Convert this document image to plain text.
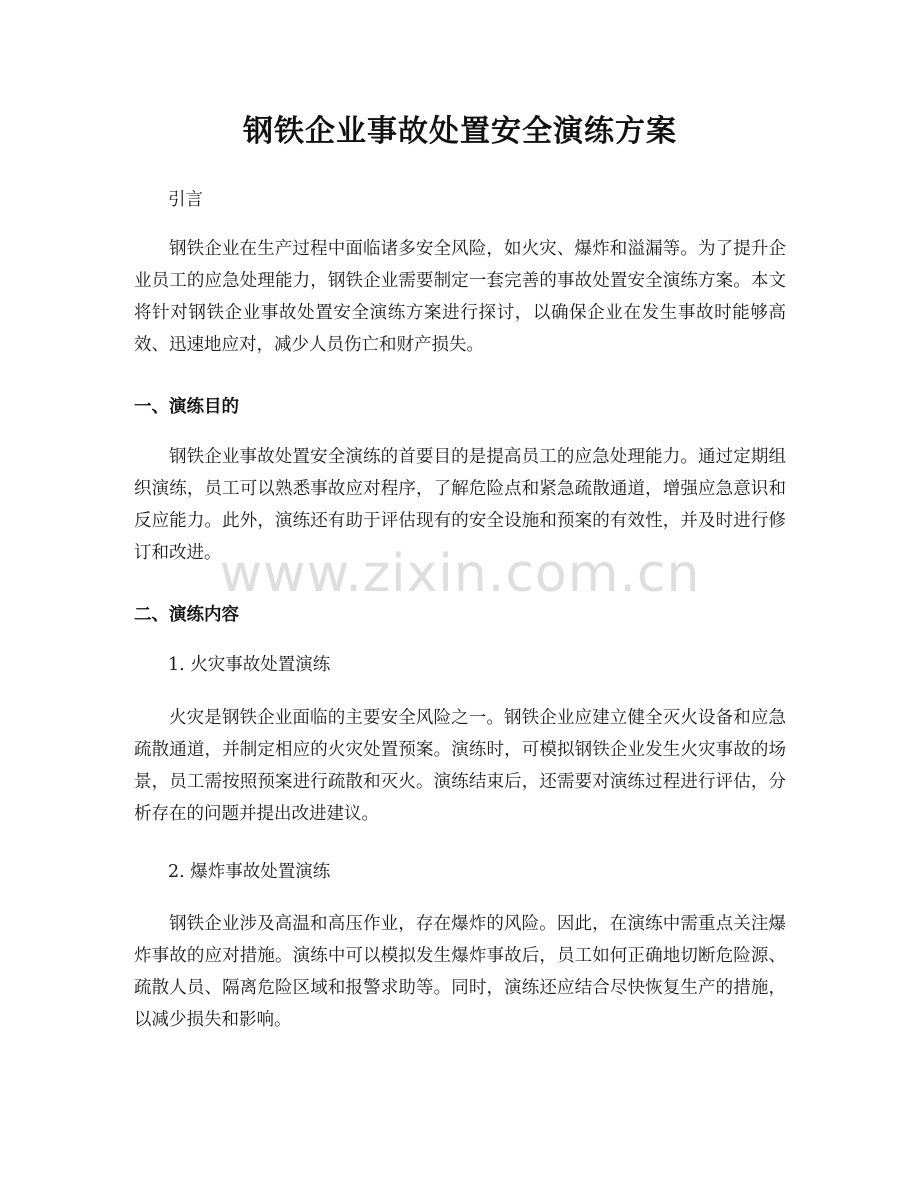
钢铁企业事故处置安全演练方案
引言

钢铁企业在生产过程中面临诸多安全风险，如火灾、爆炸和溢漏等。为了提升企业员工的应急处理能力，钢铁企业需要制定一套完善的事故处置安全演练方案。本文将针对钢铁企业事故处置安全演练方案进行探讨，以确保企业在发生事故时能够高效、迅速地应对，减少人员伤亡和财产损失。

一、演练目的

钢铁企业事故处置安全演练的首要目的是提高员工的应急处理能力。通过定期组织演练，员工可以熟悉事故应对程序，了解危险点和紧急疏散通道，增强应急意识和反应能力。此外，演练还有助于评估现有的安全设施和预案的有效性，并及时进行修订和改进。

二、演练内容
1. 火灾事故处置演练

火灾是钢铁企业面临的主要安全风险之一。钢铁企业应建立健全灭火设备和应急疏散通道，并制定相应的火灾处置预案。演练时，可模拟钢铁企业发生火灾事故的场景，员工需按照预案进行疏散和灭火。演练结束后，还需要对演练过程进行评估，分析存在的问题并提出改进建议。

2. 爆炸事故处置演练

钢铁企业涉及高温和高压作业，存在爆炸的风险。因此，在演练中需重点关注爆炸事故的应对措施。演练中可以模拟发生爆炸事故后，员工如何正确地切断危险源、疏散人员、隔离危险区域和报警求助等。同时，演练还应结合尽快恢复生产的措施，以减少损失和影响。

www.zixin.com.cn
